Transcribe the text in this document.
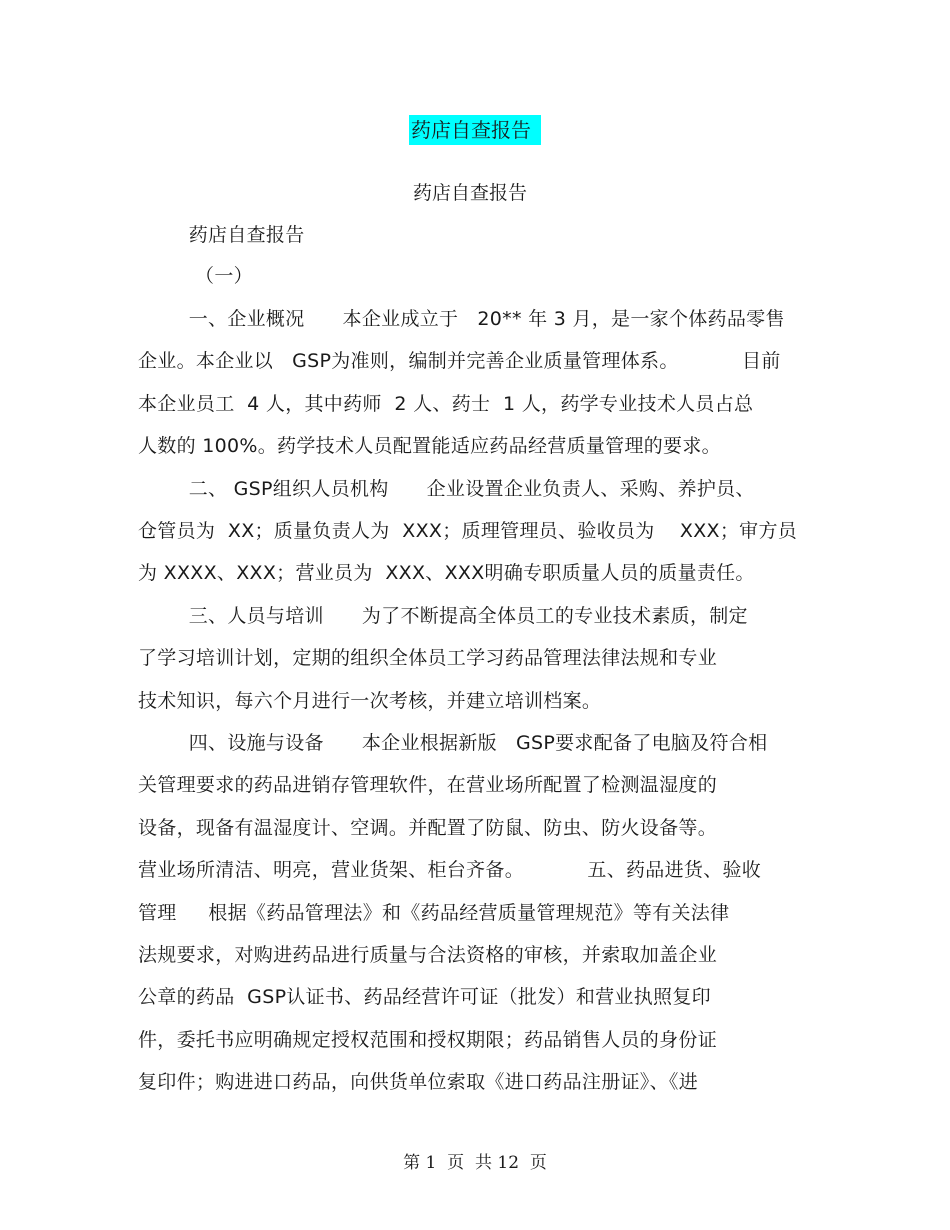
药店自查报告
药店自查报告
药店自查报告
（一）
一、企业概况      本企业成立于   20** 年 3 月，是一家个体药品零售
企业。本企业以   GSP为准则，编制并完善企业质量管理体系。          目前
本企业员工  4 人，其中药师  2 人、药士  1 人，药学专业技术人员占总
人数的 100%。药学技术人员配置能适应药品经营质量管理的要求。
二、 GSP组织人员机构      企业设置企业负责人、采购、养护员、
仓管员为  XX；质量负责人为  XXX；质理管理员、验收员为    XXX；审方员
为 XXXX、XXX；营业员为  XXX、XXX明确专职质量人员的质量责任。
三、人员与培训      为了不断提高全体员工的专业技术素质，制定
了学习培训计划，定期的组织全体员工学习药品管理法律法规和专业
技术知识，每六个月进行一次考核，并建立培训档案。
四、设施与设备      本企业根据新版   GSP要求配备了电脑及符合相
关管理要求的药品进销存管理软件，在营业场所配置了检测温湿度的
设备，现备有温湿度计、空调。并配置了防鼠、防虫、防火设备等。
营业场所清洁、明亮，营业货架、柜台齐备。          五、药品进货、验收
管理     根据《药品管理法》和《药品经营质量管理规范》等有关法律
法规要求，对购进药品进行质量与合法资格的审核，并索取加盖企业
公章的药品  GSP认证书、药品经营许可证（批发）和营业执照复印
件，委托书应明确规定授权范围和授权期限；药品销售人员的身份证
复印件；购进进口药品，向供货单位索取《进口药品注册证》、《进
第 1  页  共 12  页
